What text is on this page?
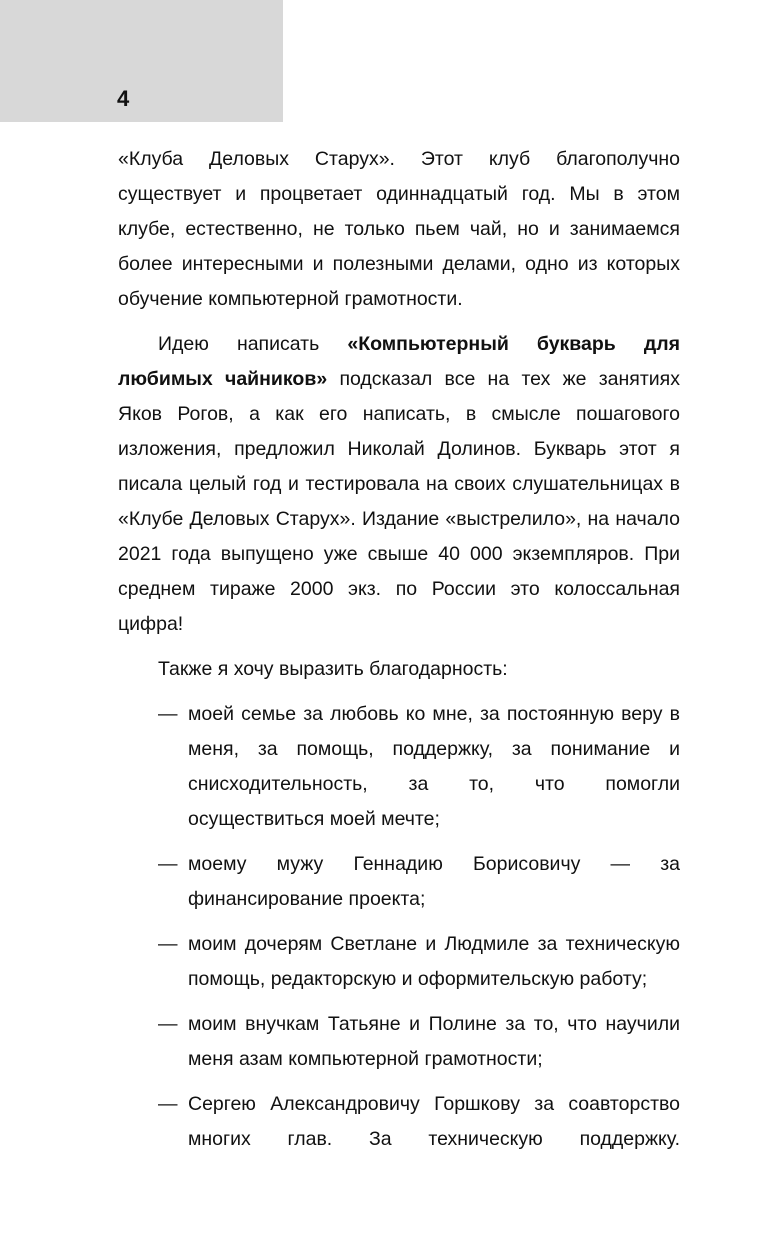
4

«Клуба Деловых Старух». Этот клуб благополучно существует и процветает одиннадцатый год. Мы в этом клубе, естественно, не только пьем чай, но и занимаемся более интересными и полезными делами, одно из которых обучение компьютерной грамотности.

Идею написать «Компьютерный букварь для любимых чайников» подсказал все на тех же занятиях Яков Рогов, а как его написать, в смысле пошагового изложения, предложил Николай Долинов. Букварь этот я писала целый год и тестировала на своих слушательницах в «Клубе Деловых Старух». Издание «выстрелило», на начало 2021 года выпущено уже свыше 40 000 экземпляров. При среднем тираже 2000 экз. по России это колоссальная цифра!

Также я хочу выразить благодарность:

— моей семье за любовь ко мне, за постоянную веру в меня, за помощь, поддержку, за понимание и снисходительность, за то, что помогли осуществиться моей мечте;
— моему мужу Геннадию Борисовичу — за финансирование проекта;
— моим дочерям Светлане и Людмиле за техническую помощь, редакторскую и оформительскую работу;
— моим внучкам Татьяне и Полине за то, что научили меня азам компьютерной грамотности;
— Сергею Александровичу Горшкову за соавторство многих глав. За техническую поддержку.
